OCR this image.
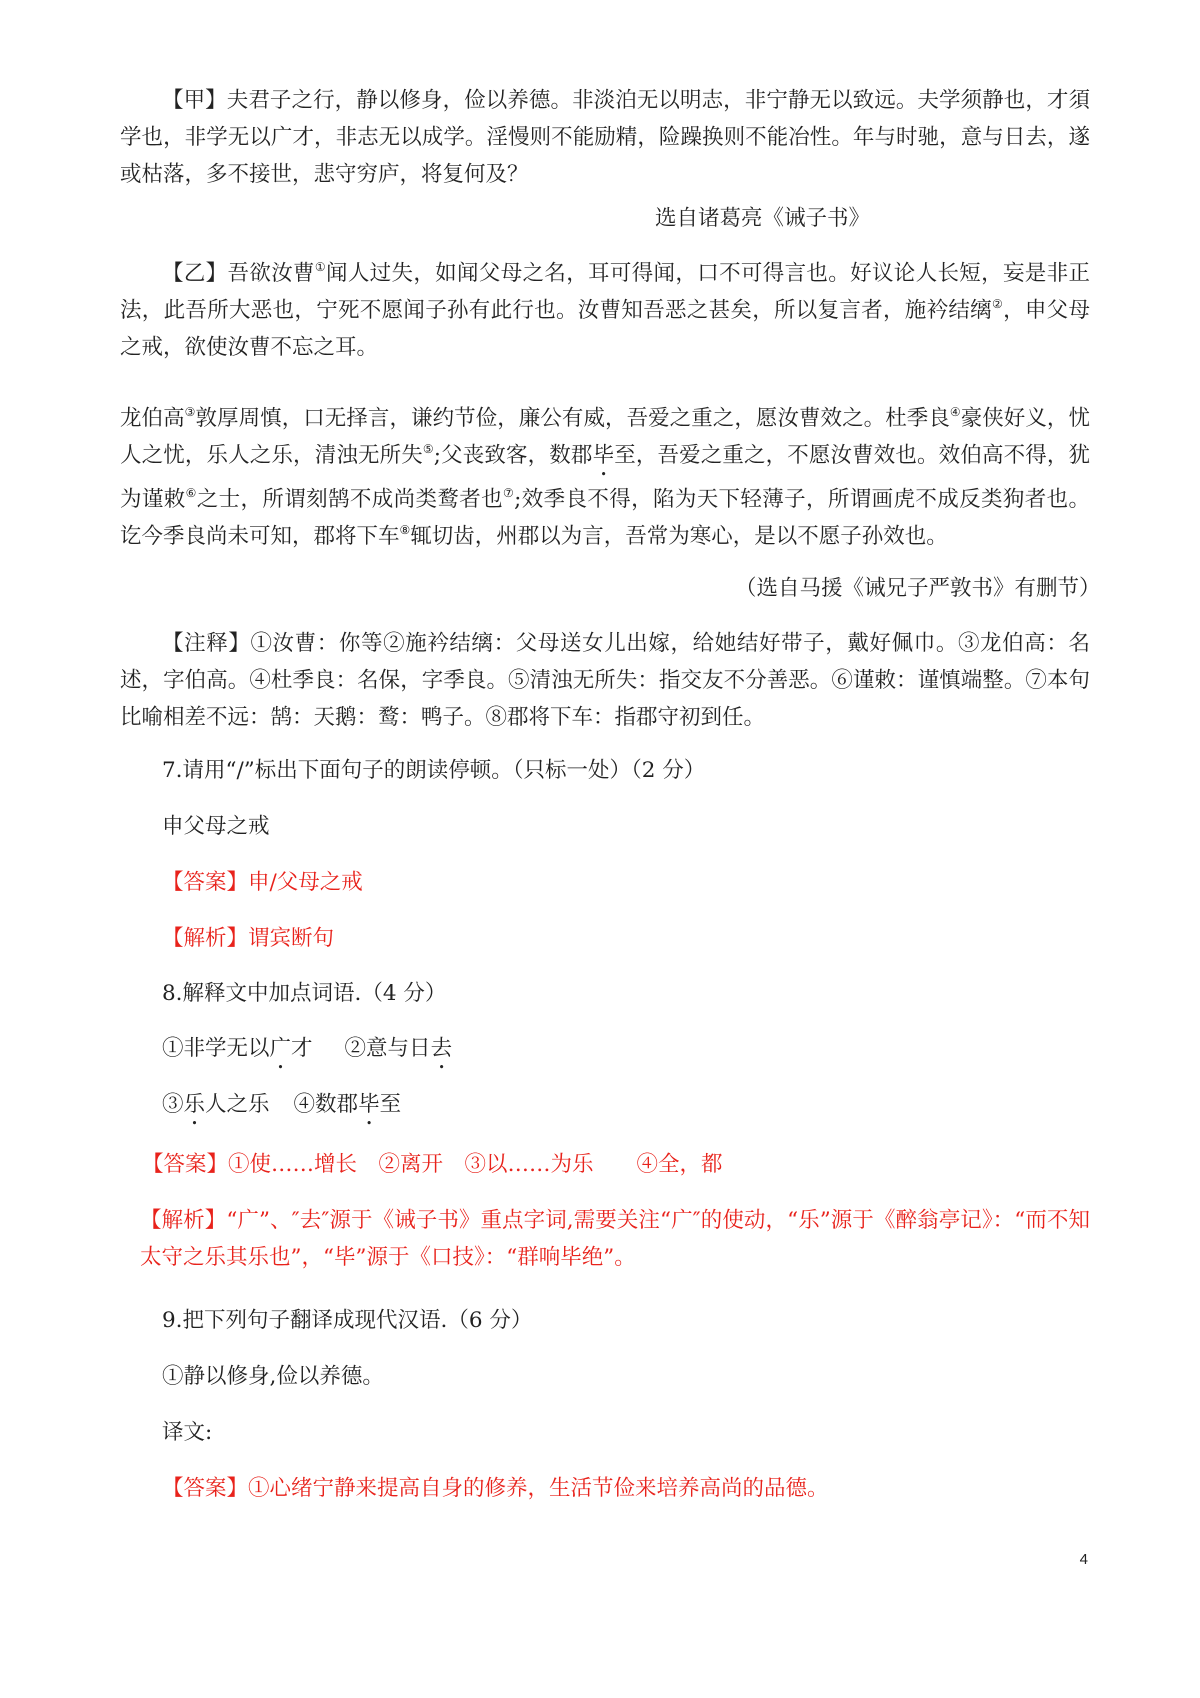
【甲】夫君子之行，静以修身，俭以养德。非淡泊无以明志，非宁静无以致远。夫学须静也，才須学也，非学无以广才，非志无以成学。淫慢则不能励精，险躁换则不能冶性。年与时驰，意与日去，遂或枯落，多不接世，悲守穷庐，将复何及？
选自诸葛亮《诫子书》
【乙】吾欲汝曹①闻人过失，如闻父母之名，耳可得闻，口不可得言也。好议论人长短，妄是非正法，此吾所大恶也，宁死不愿闻子孙有此行也。汝曹知吾恶之甚矣，所以复言者，施衿结缡②，申父母之戒，欲使汝曹不忘之耳。
龙伯高③敦厚周慎，口无择言，谦约节俭，廉公有威，吾爱之重之，愿汝曹效之。杜季良④豪侠好义，忧人之忧，乐人之乐，清浊无所失⑤;父丧致客，数郡毕至，吾爱之重之，不愿汝曹效也。效伯高不得，犹为谨敕⑥之士，所谓刻鹄不成尚类鹜者也⑦;效季良不得，陷为天下轻薄子，所谓画虎不成反类狗者也。讫今季良尚未可知，郡将下车⑧辄切齿，州郡以为言，吾常为寒心，是以不愿子孙效也。
（选自马援《诫兄子严敦书》有删节）
【注释】①汝曹：你等②施衿结缡：父母送女儿出嫁，给她结好带子，戴好佩巾。③龙伯高：名述，字伯高。④杜季良：名保，字季良。⑤清浊无所失：指交友不分善恶。⑥谨敕：谨慎端整。⑦本句比喻相差不远：鹄：天鹅：鹜：鸭子。⑧郡将下车：指郡守初到任。
7.请用“/”标出下面句子的朗读停顿。（只标一处）（2 分）
申父母之戒
【答案】申/父母之戒
【解析】谓宾断句
8.解释文中加点词语.（4 分）
①非学无以广才 ②意与日去
③乐人之乐 ④数郡毕至
【答案】①使……增长　②离开　③以……为乐　　④全，都
【解析】“广”、″去″源于《诫子书》重点字词,需要关注“广″的使动，“乐”源于《醉翁亭记》：“而不知太守之乐其乐也”，“毕”源于《口技》：“群响毕绝”。
9.把下列句子翻译成现代汉语.（6 分）
①静以修身,俭以养德。
译文:
【答案】①心绪宁静来提高自身的修养，生活节俭来培养高尚的品德。
4
